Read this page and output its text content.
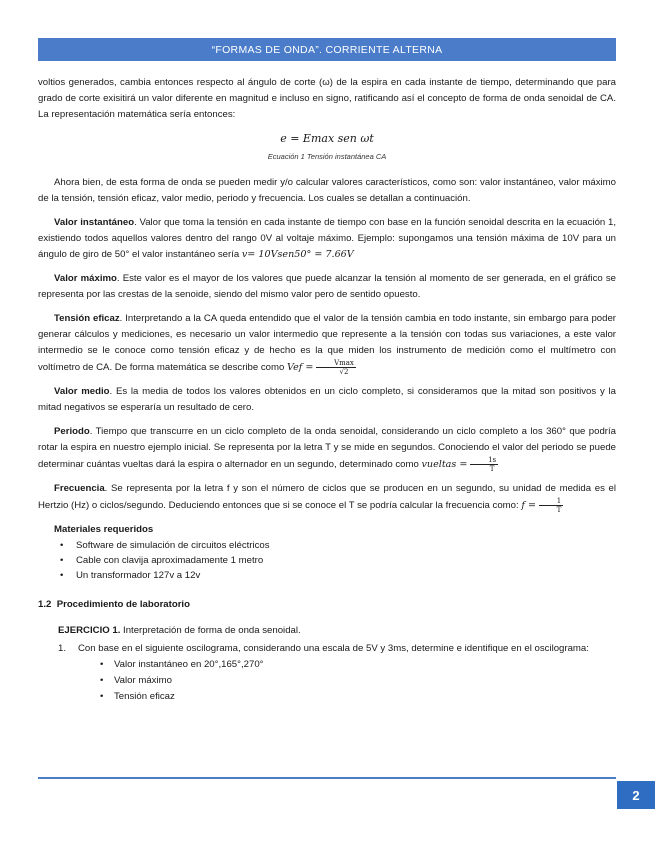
“FORMAS DE ONDA”. CORRIENTE ALTERNA

voltios generados, cambia entonces respecto al ángulo de corte (ω) de la espira en cada instante de tiempo, determinando que para grado de corte exisitirá un valor diferente en magnitud e incluso en signo, ratificando así el concepto de forma de onda senoidal de CA. La representación matemática sería entonces:

e = Emax sen ωt
Ecuación 1 Tensión instantánea CA

Ahora bien, de esta forma de onda se pueden medir y/o calcular valores característicos, como son: valor instantáneo, valor máximo de la tensión, tensión eficaz, valor medio, periodo y frecuencia. Los cuales se detallan a continuación.

Valor instantáneo. Valor que toma la tensión en cada instante de tiempo con base en la función senoidal descrita en la ecuación 1, existiendo todos aquellos valores dentro del rango 0V al voltaje máximo. Ejemplo: supongamos una tensión máxima de 10V para un ángulo de giro de 50° el valor instantáneo sería v= 10Vsen50° = 7.66V

Valor máximo. Este valor es el mayor de los valores que puede alcanzar la tensión al momento de ser generada, en el gráfico se representa por las crestas de la senoide, siendo del mismo valor pero de sentido opuesto.

Tensión eficaz. Interpretando a la CA queda entendido que el valor de la tensión cambia en todo instante, sin embargo para poder generar cálculos y mediciones, es necesario un valor intermedio que represente a la tensión con todas sus variaciones, a este valor intermedio se le conoce como tensión eficaz y de hecho es la que miden los instrumento de medición como el multímetro con voltímetro de CA. De forma matemática se describe como Vef = $\frac{Vmax}{√2}$

Valor medio. Es la media de todos los valores obtenidos en un ciclo completo, si consideramos que la mitad son positivos y la mitad negativos se esperaría un resultado de cero.

Periodo. Tiempo que transcurre en un ciclo completo de la onda senoidal, considerando un ciclo completo a los 360° que podría rotar la espira en nuestro ejemplo inicial. Se representa por la letra T y se mide en segundos. Conociendo el valor del periodo se puede determinar cuántas vueltas dará la espira o alternador en un segundo, determinado como vueltas = $\frac{1s}{T}$

Frecuencia. Se representa por la letra f y son el número de ciclos que se producen en un segundo, su unidad de medida es el Hertzio (Hz) o ciclos/segundo. Deduciendo entonces que si se conoce el T se podría calcular la frecuencia como: $f = \frac{1}{T}$

Materiales requeridos
• Software de simulación de circuitos eléctricos
• Cable con clavija aproximadamente 1 metro
• Un transformador 127v a 12v
1.2 Procedimiento de laboratorio
EJERCICIO 1. Interpretación de forma de onda senoidal.
1. Con base en el siguiente oscilograma, considerando una escala de 5V y 3ms, determine e identifique en el oscilograma:
• Valor instantáneo en 20°,165°,270°
• Valor máximo
• Tensión eficaz
2
